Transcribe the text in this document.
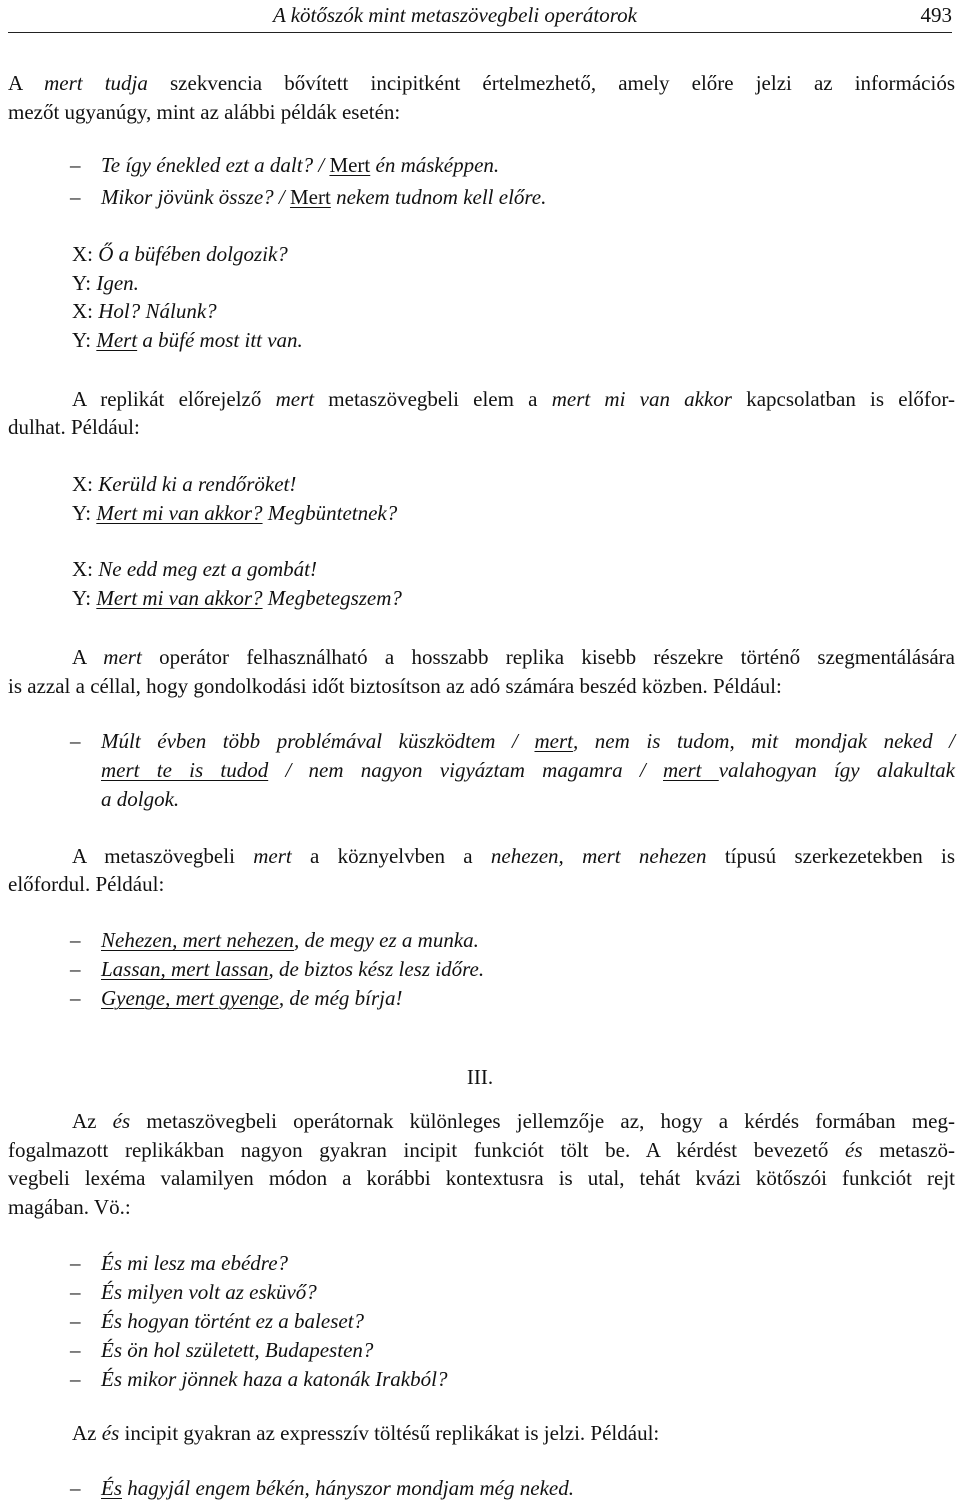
A kötőszók mint metaszövegbeli operátorok	493
A mert tudja szekvencia bővített incipitként értelmezhető, amely előre jelzi az információs
mezőt ugyanúgy, mint az alábbi példák esetén:
– Te így énekled ezt a dalt? / Mert én másképpen.
– Mikor jövünk össze? / Mert nekem tudnom kell előre.
X: Ő a büfében dolgozik?
Y: Igen.
X: Hol? Nálunk?
Y: Mert a büfé most itt van.
A replikát előrejelző mert metaszövegbeli elem a mert mi van akkor kapcsolatban is előfor-
dulhat. Például:
X: Kerüld ki a rendőröket!
Y: Mert mi van akkor? Megbüntetnek?
X: Ne edd meg ezt a gombát!
Y: Mert mi van akkor? Megbetegszem?
A mert operátor felhasználható a hosszabb replika kisebb részekre történő szegmentálására
is azzal a céllal, hogy gondolkodási időt biztosítson az adó számára beszéd közben. Például:
– Múlt évben több problémával küszködtem / mert, nem is tudom, mit mondjak neked /
mert te is tudod / nem nagyon vigyáztam magamra / mert valahogyan így alakultak
a dolgok.
A metaszövegbeli mert a köznyelvben a nehezen, mert nehezen típusú szerkezetekben is
előfordul. Például:
– Nehezen, mert nehezen, de megy ez a munka.
– Lassan, mert lassan, de biztos kész lesz időre.
– Gyenge, mert gyenge, de még bírja!
III.
Az és metaszövegbeli operátornak különleges jellemzője az, hogy a kérdés formában meg-
fogalmazott replikákban nagyon gyakran incipit funkciót tölt be. A kérdést bevezető és metaszö-
vegbeli lexéma valamilyen módon a korábbi kontextusra is utal, tehát kvázi kötőszói funkciót rejt
magában. Vö.:
– És mi lesz ma ebédre?
– És milyen volt az esküvő?
– És hogyan történt ez a baleset?
– És ön hol született, Budapesten?
– És mikor jönnek haza a katonák Irakból?
Az és incipit gyakran az expresszív töltésű replikákat is jelzi. Például:
– És hagyjál engem békén, hányszor mondjam még neked.
